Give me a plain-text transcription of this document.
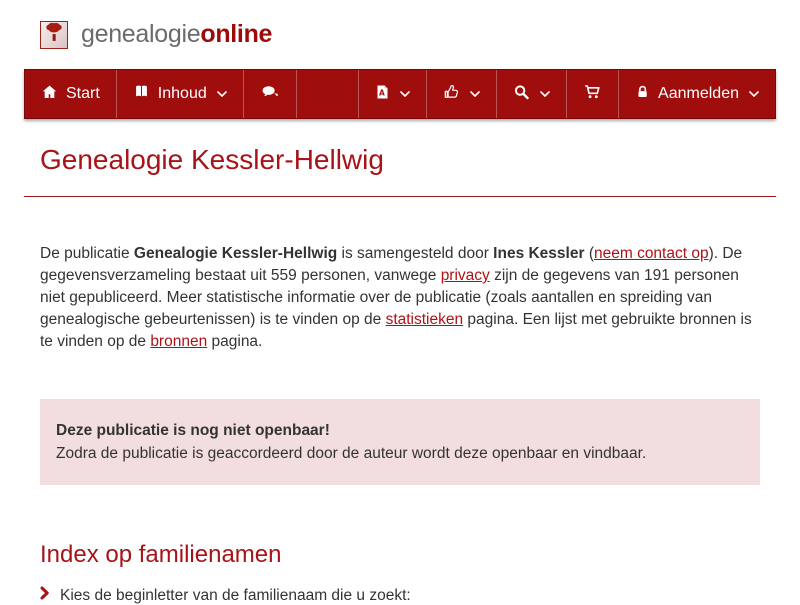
genealogieonline
Start	Inhoud	A	Aanmelden
Genealogie Kessler-Hellwig

De publicatie Genealogie Kessler-Hellwig is samengesteld door Ines Kessler (neem contact op). De gegevensverzameling bestaat uit 559 personen, vanwege privacy zijn de gegevens van 191 personen niet gepubliceerd. Meer statistische informatie over de publicatie (zoals aantallen en spreiding van genealogische gebeurtenissen) is te vinden op de statistieken pagina. Een lijst met gebruikte bronnen is te vinden op de bronnen pagina.

Deze publicatie is nog niet openbaar!
Zodra de publicatie is geaccordeerd door de auteur wordt deze openbaar en vindbaar.
Index op familienamen
Kies de beginletter van de familienaam die u zoekt:
